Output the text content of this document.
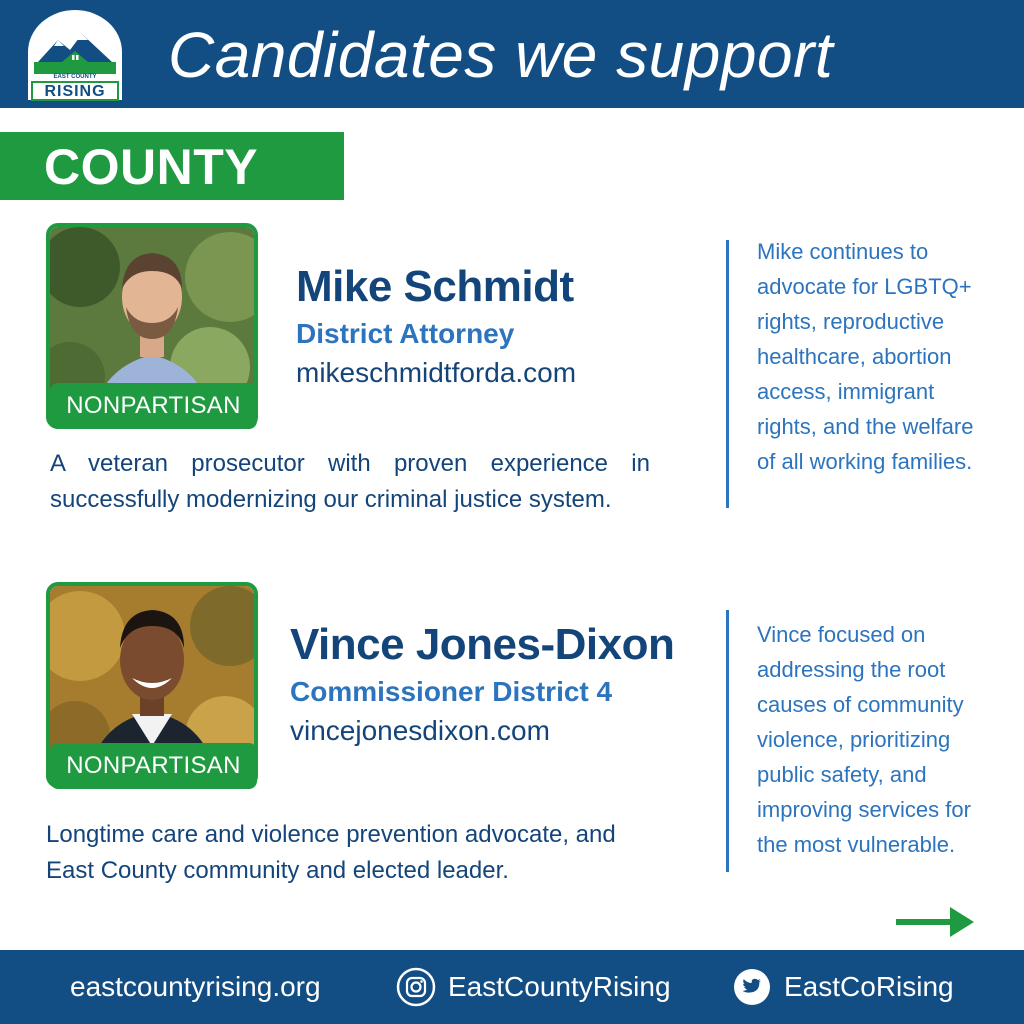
EAST COUNTY
RISING
Candidates we support
COUNTY
NONPARTISAN
Mike Schmidt
District Attorney
mikeschmidtforda.com
A veteran prosecutor with proven experience in successfully modernizing our criminal justice system.
Mike continues to advocate for LGBTQ+ rights, reproductive healthcare, abortion access, immigrant rights, and the welfare of all working families.
NONPARTISAN
Vince Jones-Dixon
Commissioner District 4
vincejonesdixon.com
Longtime care and violence prevention advocate, and East County community and elected leader.
Vince focused on addressing the root causes of community violence, prioritizing public safety, and improving services for the most vulnerable.
eastcountyrising.org	EastCountyRising	EastCoRising
